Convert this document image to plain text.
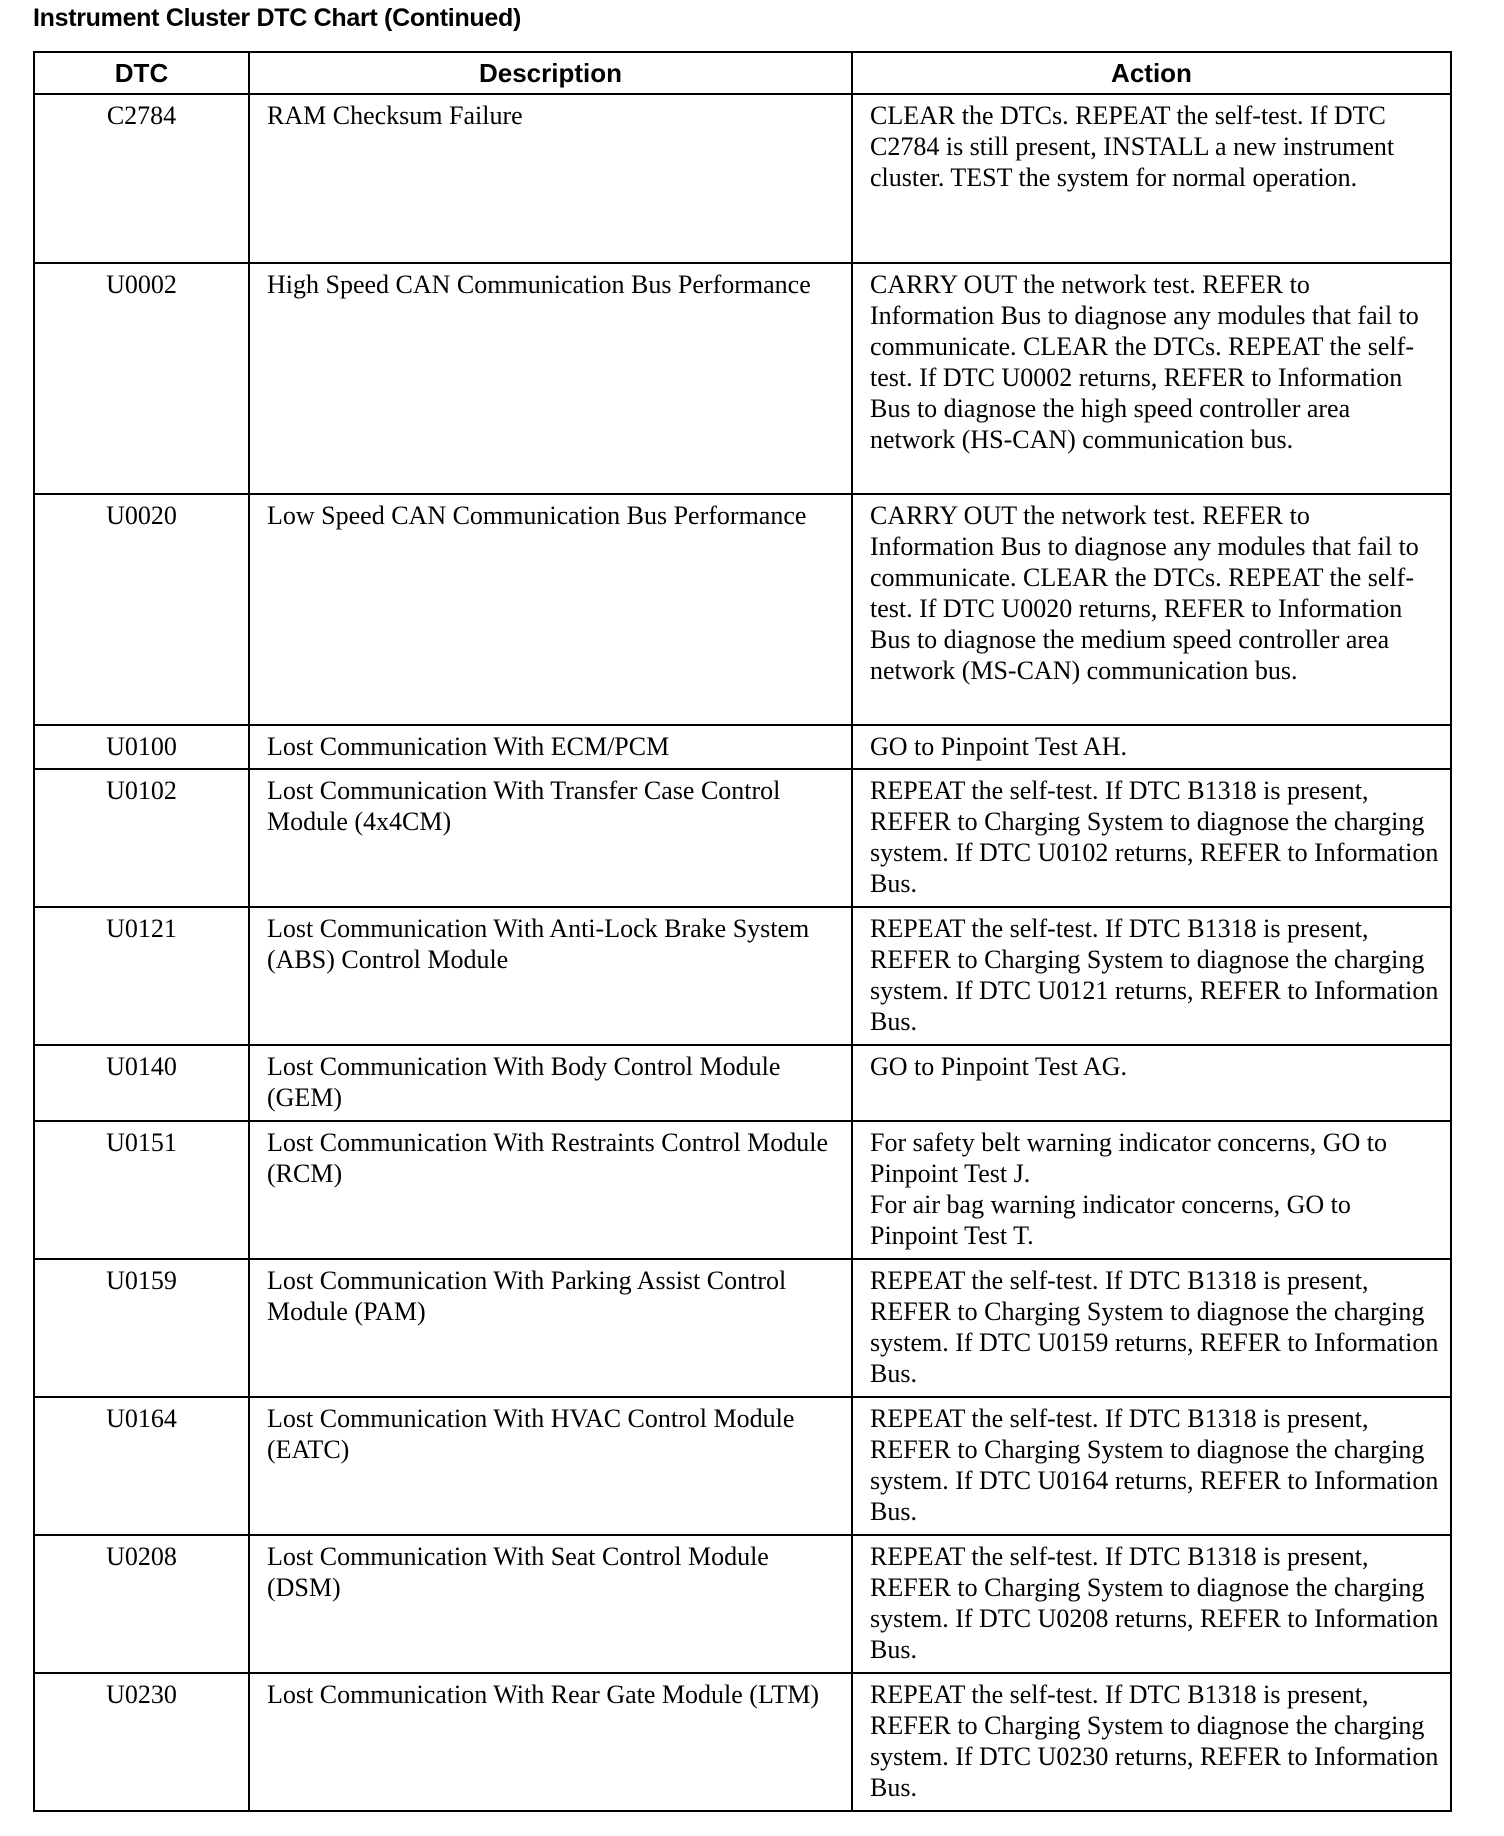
Instrument Cluster DTC Chart (Continued)
DTC	Description	Action
C2784	RAM Checksum Failure	CLEAR the DTCs. REPEAT the self-test. If DTC C2784 is still present, INSTALL a new instrument cluster. TEST the system for normal operation.
U0002	High Speed CAN Communication Bus Performance	CARRY OUT the network test. REFER to Information Bus to diagnose any modules that fail to communicate. CLEAR the DTCs. REPEAT the self-test. If DTC U0002 returns, REFER to Information Bus to diagnose the high speed controller area network (HS-CAN) communication bus.
U0020	Low Speed CAN Communication Bus Performance	CARRY OUT the network test. REFER to Information Bus to diagnose any modules that fail to communicate. CLEAR the DTCs. REPEAT the self-test. If DTC U0020 returns, REFER to Information Bus to diagnose the medium speed controller area network (MS-CAN) communication bus.
U0100	Lost Communication With ECM/PCM	GO to Pinpoint Test AH.
U0102	Lost Communication With Transfer Case Control Module (4x4CM)	REPEAT the self-test. If DTC B1318 is present, REFER to Charging System to diagnose the charging system. If DTC U0102 returns, REFER to Information Bus.
U0121	Lost Communication With Anti-Lock Brake System (ABS) Control Module	REPEAT the self-test. If DTC B1318 is present, REFER to Charging System to diagnose the charging system. If DTC U0121 returns, REFER to Information Bus.
U0140	Lost Communication With Body Control Module (GEM)	GO to Pinpoint Test AG.
U0151	Lost Communication With Restraints Control Module (RCM)	For safety belt warning indicator concerns, GO to Pinpoint Test J.
For air bag warning indicator concerns, GO to Pinpoint Test T.

U0159	Lost Communication With Parking Assist Control Module (PAM)	REPEAT the self-test. If DTC B1318 is present, REFER to Charging System to diagnose the charging system. If DTC U0159 returns, REFER to Information Bus.
U0164	Lost Communication With HVAC Control Module (EATC)	REPEAT the self-test. If DTC B1318 is present, REFER to Charging System to diagnose the charging system. If DTC U0164 returns, REFER to Information Bus.
U0208	Lost Communication With Seat Control Module (DSM)	REPEAT the self-test. If DTC B1318 is present, REFER to Charging System to diagnose the charging system. If DTC U0208 returns, REFER to Information Bus.
U0230	Lost Communication With Rear Gate Module (LTM)	REPEAT the self-test. If DTC B1318 is present, REFER to Charging System to diagnose the charging system. If DTC U0230 returns, REFER to Information Bus.
